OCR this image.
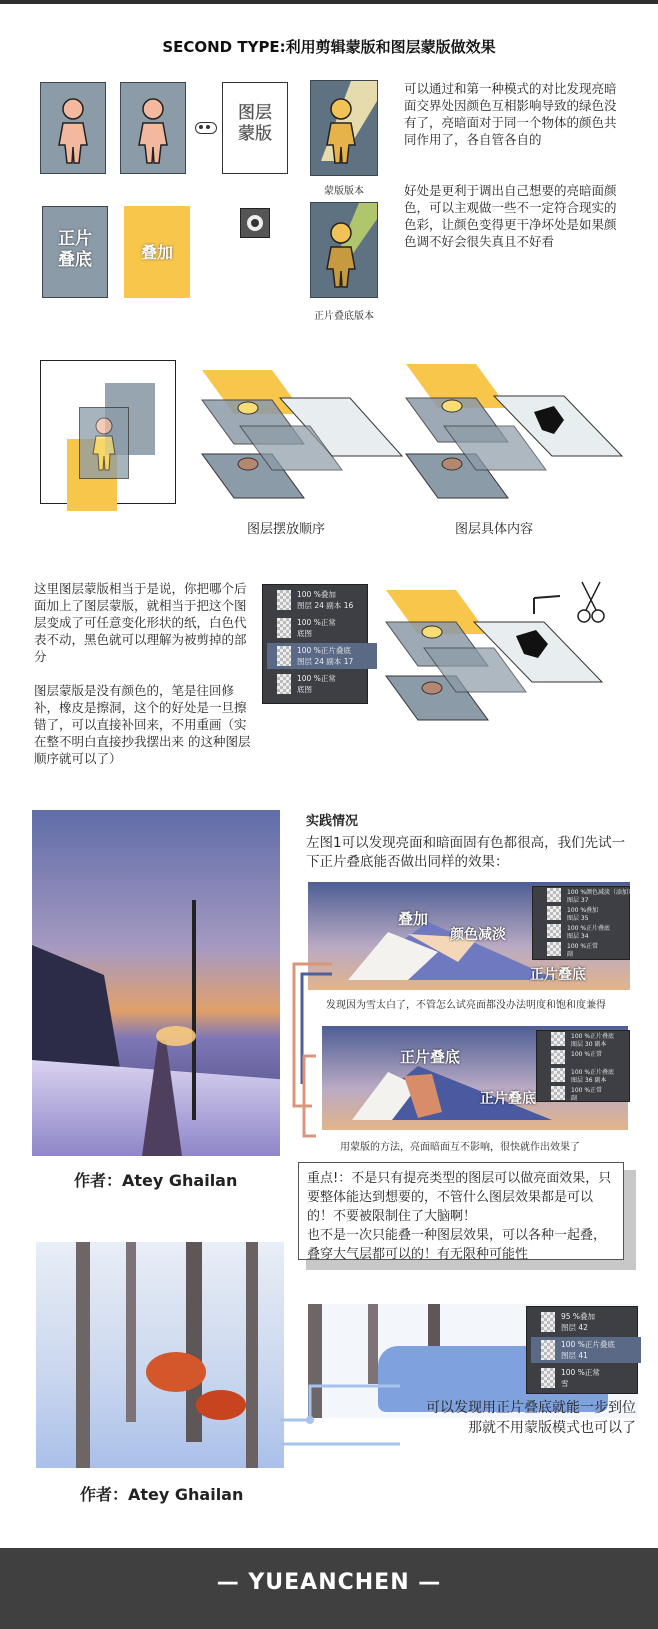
SECOND TYPE:利用剪辑蒙版和图层蒙版做效果
图层
蒙版
蒙版版本
正片
叠底	叠加
正片叠底版本
可以通过和第一种模式的对比发现亮暗面交界处因颜色互相影响导致的绿色没有了，亮暗面对于同一个物体的颜色共同作用了，各自管各自的
好处是更利于调出自己想要的亮暗面颜色，可以主观做一些不一定符合现实的色彩，让颜色变得更干净坏处是如果颜色调不好会很失真且不好看
图层摆放顺序	图层具体内容
这里图层蒙版相当于是说，你把哪个后面加上了图层蒙版，就相当于把这个图层变成了可任意变化形状的纸，白色代表不动，黑色就可以理解为被剪掉的部分
图层蒙版是没有颜色的，笔是往回修补，橡皮是擦洞，这个的好处是一旦擦错了，可以直接补回来，不用重画（实在整不明白直接抄我摆出来 的这种图层顺序就可以了）
100 %叠加
图层 24 副本 16
100 %正常
底图
100 %正片叠底
图层 24 副本 17
100 %正常
底图
作者：Atey Ghailan
实践情况
左图1可以发现亮面和暗面固有色都很高，我们先试一下正片叠底能否做出同样的效果：
叠加
颜色减淡
正片叠底
100 %颜色减淡（添加）
图层 37
100 %叠加
图层 35
100 %正片叠底
图层 34
100 %正常
副
发现因为雪太白了，不管怎么试亮面都没办法明度和饱和度兼得
正片叠底
正片叠底
100 %正片叠底
图层 30 副本
100 %正常
100 %正片叠底
图层 36 副本
100 %正常
副
用蒙版的方法，亮面暗面互不影响，很快就作出效果了
重点!：不是只有提亮类型的图层可以做亮面效果，只要整体能达到想要的，不管什么图层效果都是可以的！不要被限制住了大脑啊！
也不是一次只能叠一种图层效果，可以各种一起叠，叠穿大气层都可以的！有无限种可能性
作者：Atey Ghailan
95 %叠加
图层 42
100 %正片叠底
图层 41
100 %正常
雪
可以发现用正片叠底就能一步到位
那就不用蒙版模式也可以了
— YUEANCHEN —
